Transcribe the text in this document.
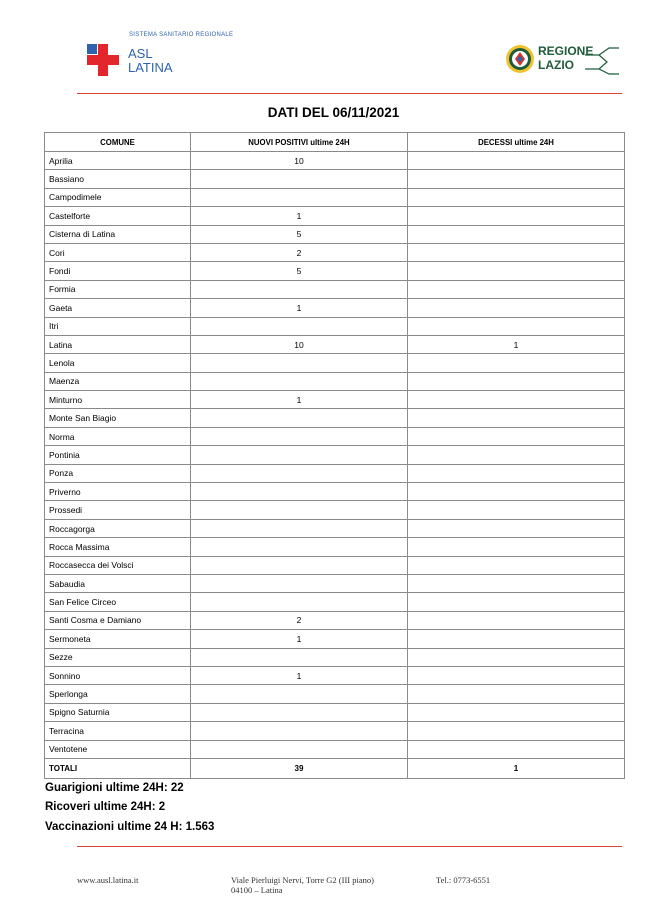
SISTEMA SANITARIO REGIONALE
ASL
LATINA
REGIONE
LAZIO
DATI DEL 06/11/2021
COMUNE	NUOVI POSITIVI ultime 24H	DECESSI ultime 24H
Aprilia	10	
Bassiano		
Campodimele		
Castelforte	1	
Cisterna di Latina	5	
Cori	2	
Fondi	5	
Formia		
Gaeta	1	
Itri		
Latina	10	1
Lenola		
Maenza		
Minturno	1	
Monte San Biagio		
Norma		
Pontinia		
Ponza		
Priverno		
Prossedi		
Roccagorga		
Rocca Massima		
Roccasecca dei Volsci		
Sabaudia		
San Felice Circeo		
Santi Cosma e Damiano	2	
Sermoneta	1	
Sezze		
Sonnino	1	
Sperlonga		
Spigno Saturnia		
Terracina		
Ventotene		
TOTALI	39	1
Guarigioni ultime 24H: 22
Ricoveri ultime 24H: 2
Vaccinazioni ultime 24 H: 1.563
www.ausl.latina.it	Viale Pierluigi Nervi, Torre G2 (III piano)
04100 – Latina
Tel.: 0773-6551
